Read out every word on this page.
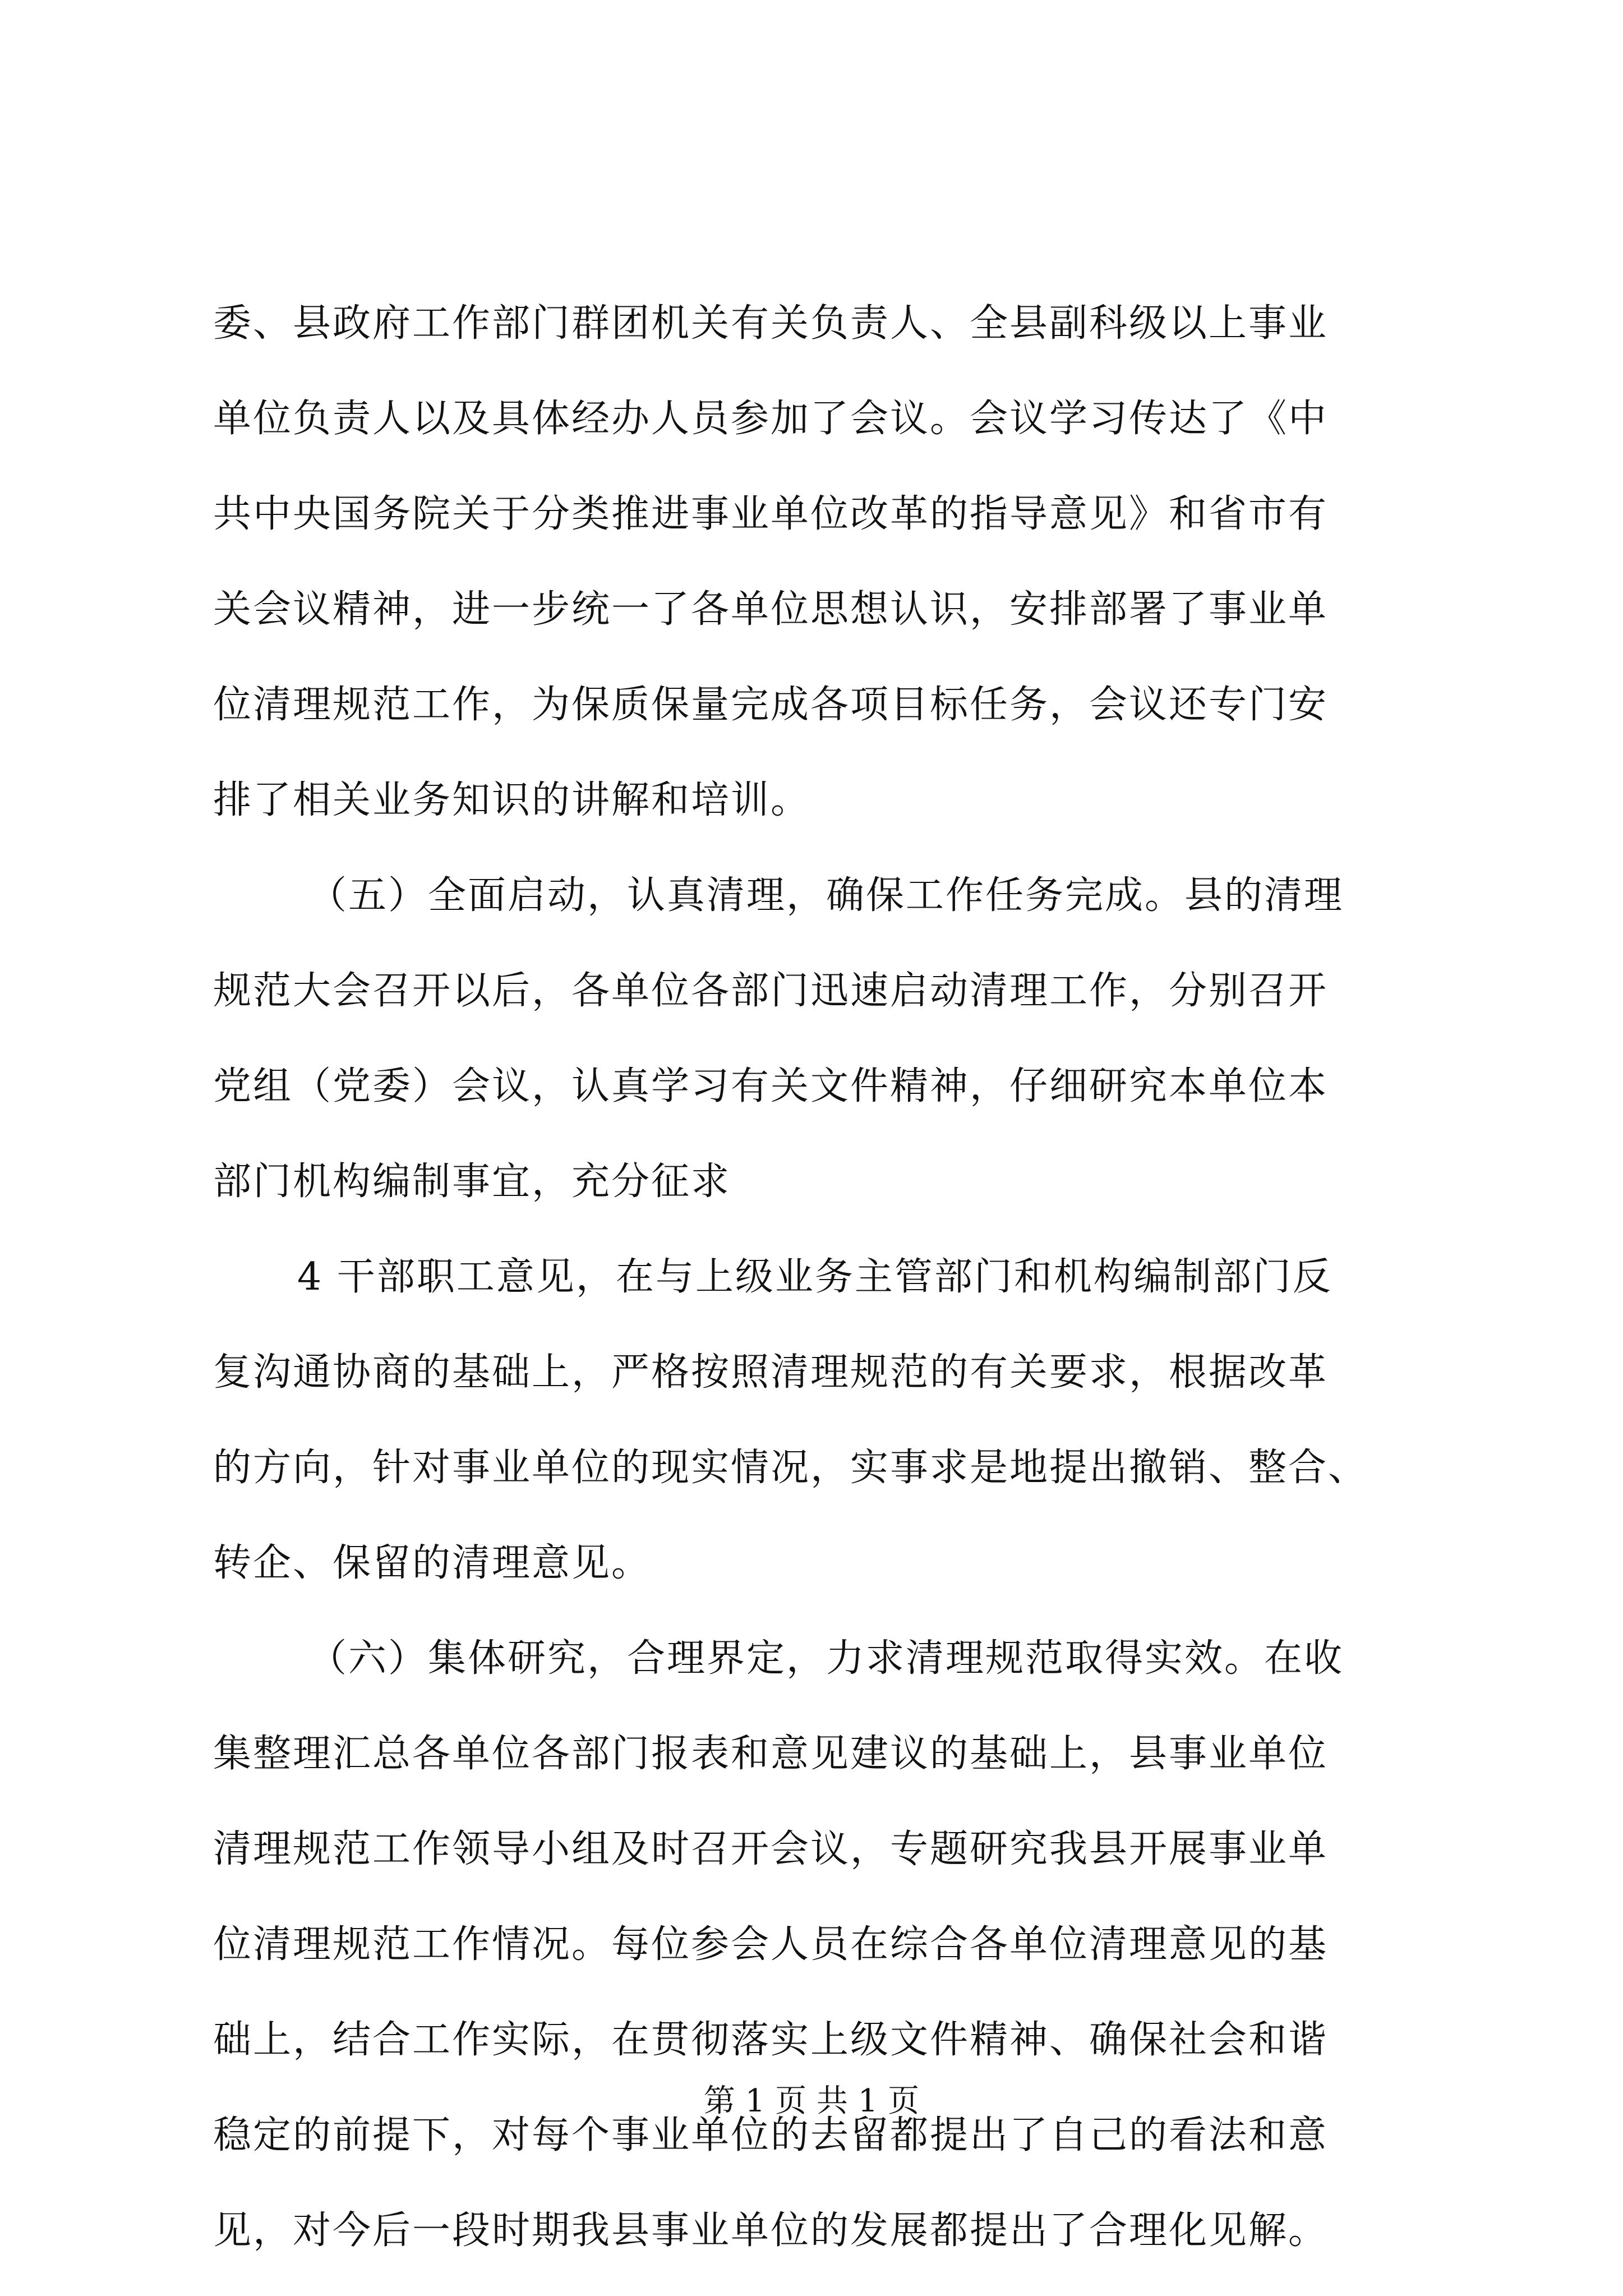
委、县政府工作部门群团机关有关负责人、全县副科级以上事业
单位负责人以及具体经办人员参加了会议。会议学习传达了《中
共中央国务院关于分类推进事业单位改革的指导意见》和省市有
关会议精神，进一步统一了各单位思想认识，安排部署了事业单
位清理规范工作，为保质保量完成各项目标任务，会议还专门安
排了相关业务知识的讲解和培训。
（五）全面启动，认真清理，确保工作任务完成。县的清理
规范大会召开以后，各单位各部门迅速启动清理工作，分别召开
党组（党委）会议，认真学习有关文件精神，仔细研究本单位本
部门机构编制事宜，充分征求
4 干部职工意见，在与上级业务主管部门和机构编制部门反
复沟通协商的基础上，严格按照清理规范的有关要求，根据改革
的方向，针对事业单位的现实情况，实事求是地提出撤销、整合、
转企、保留的清理意见。
（六）集体研究，合理界定，力求清理规范取得实效。在收
集整理汇总各单位各部门报表和意见建议的基础上，县事业单位
清理规范工作领导小组及时召开会议，专题研究我县开展事业单
位清理规范工作情况。每位参会人员在综合各单位清理意见的基
础上，结合工作实际，在贯彻落实上级文件精神、确保社会和谐
稳定的前提下，对每个事业单位的去留都提出了自己的看法和意
见，对今后一段时期我县事业单位的发展都提出了合理化见解。
第 1 页 共 1 页
